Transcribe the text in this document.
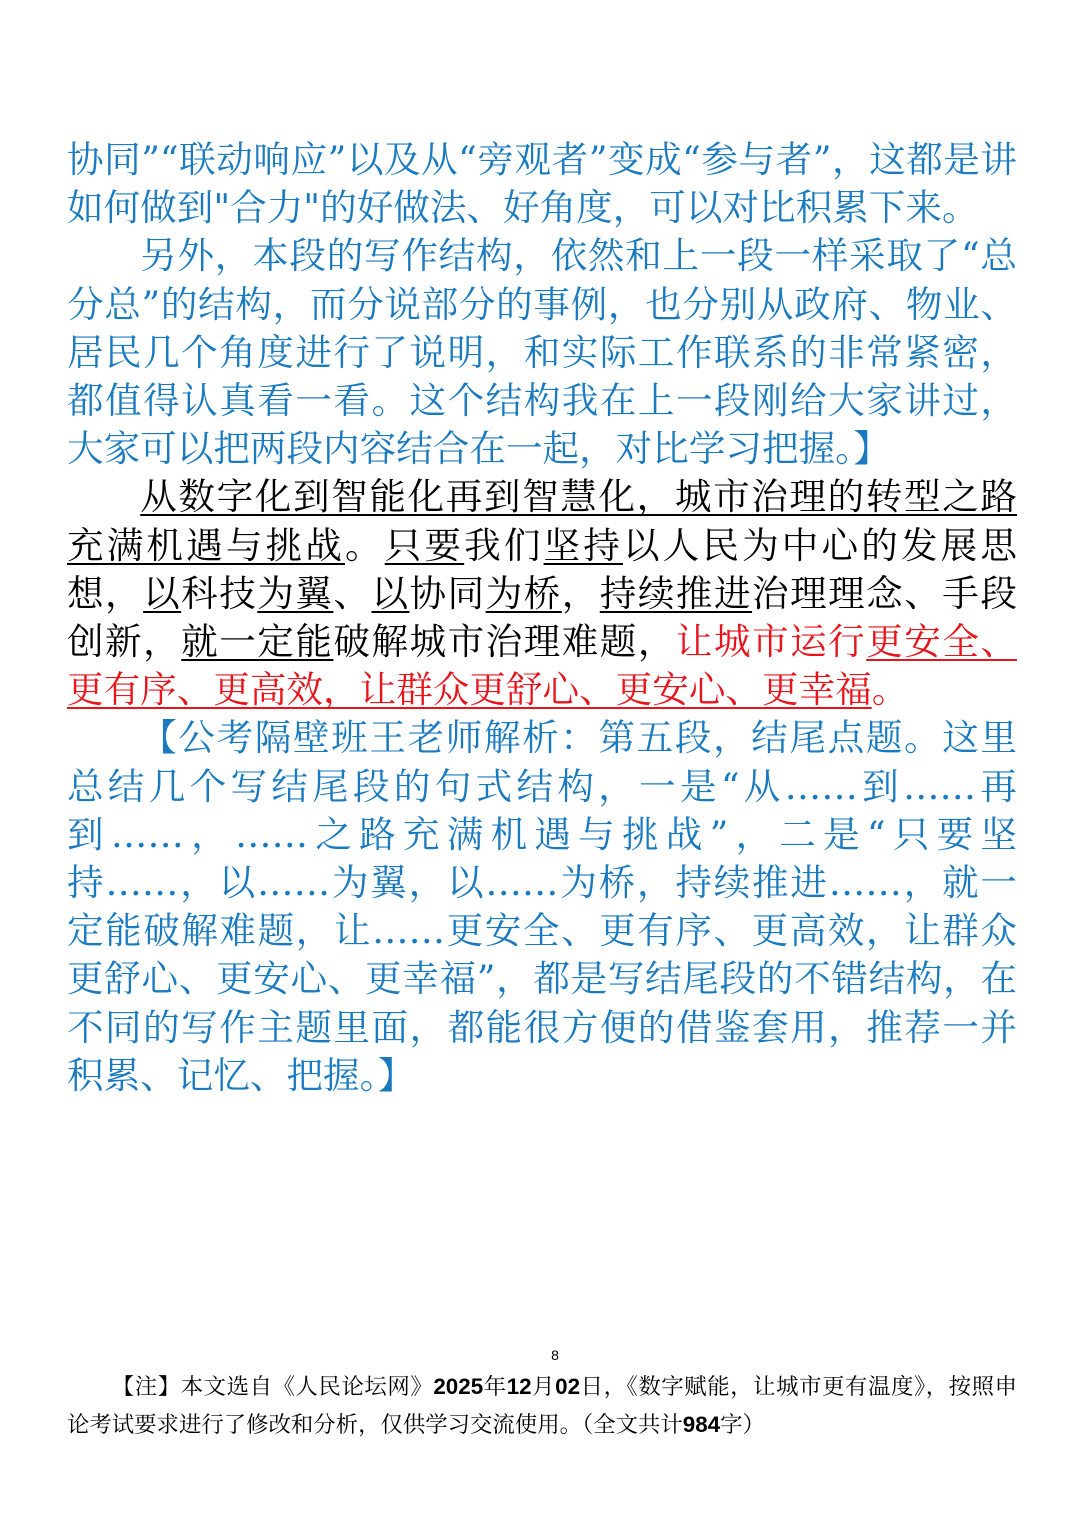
协同”“联动响应”以及从“旁观者”变成“参与者”，这都是讲如何做到"合力"的好做法、好角度，可以对比积累下来。

另外，本段的写作结构，依然和上一段一样采取了“总分总”的结构，而分说部分的事例，也分别从政府、物业、居民几个角度进行了说明，和实际工作联系的非常紧密，都值得认真看一看。这个结构我在上一段刚给大家讲过，大家可以把两段内容结合在一起，对比学习把握。】

从数字化到智能化再到智慧化，城市治理的转型之路充满机遇与挑战。只要我们坚持以人民为中心的发展思想，以科技为翼、以协同为桥，持续推进治理理念、手段创新，就一定能破解城市治理难题，让城市运行更安全、更有序、更高效，让群众更舒心、更安心、更幸福。

【公考隔壁班王老师解析：第五段，结尾点题。这里总结几个写结尾段的句式结构，一是“从……到……再到……，……之路充满机遇与挑战”，二是“只要坚持……，以……为翼，以……为桥，持续推进……，就一定能破解难题，让……更安全、更有序、更高效，让群众更舒心、更安心、更幸福”，都是写结尾段的不错结构，在不同的写作主题里面，都能很方便的借鉴套用，推荐一并积累、记忆、把握。】

8
【注】本文选自《人民论坛网》2025年12月02日，《数字赋能，让城市更有温度》，按照申论考试要求进行了修改和分析，仅供学习交流使用。（全文共计984字）
